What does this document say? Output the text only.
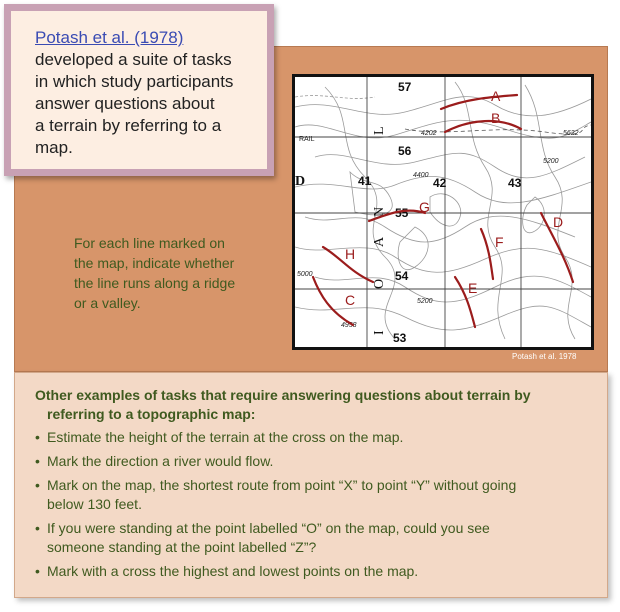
Potash et al. (1978)
developed a suite of tasks
in which study participants
answer questions about
a terrain by referring to a
map.
For each line marked on
the map, indicate whether
the line runs along a ridge
or a valley.
57
56
41	42	43
55
54
53
L
N
A
O
I
D
4202	5622
5200
5000
4958
5200
4400
RAIL
A
B
G
D
F
H
E
C
Potash et al. 1978
Other examples of tasks that require answering questions about terrain by
referring to a topographic map:
• Estimate the height of the terrain at the cross on the map.
• Mark the direction a river would flow.
• Mark on the map, the shortest route from point “X” to point “Y” without going
below 130 feet.
• If you were standing at the point labelled “O” on the map, could you see
someone standing at the point labelled “Z”?
• Mark with a cross the highest and lowest points on the map.
